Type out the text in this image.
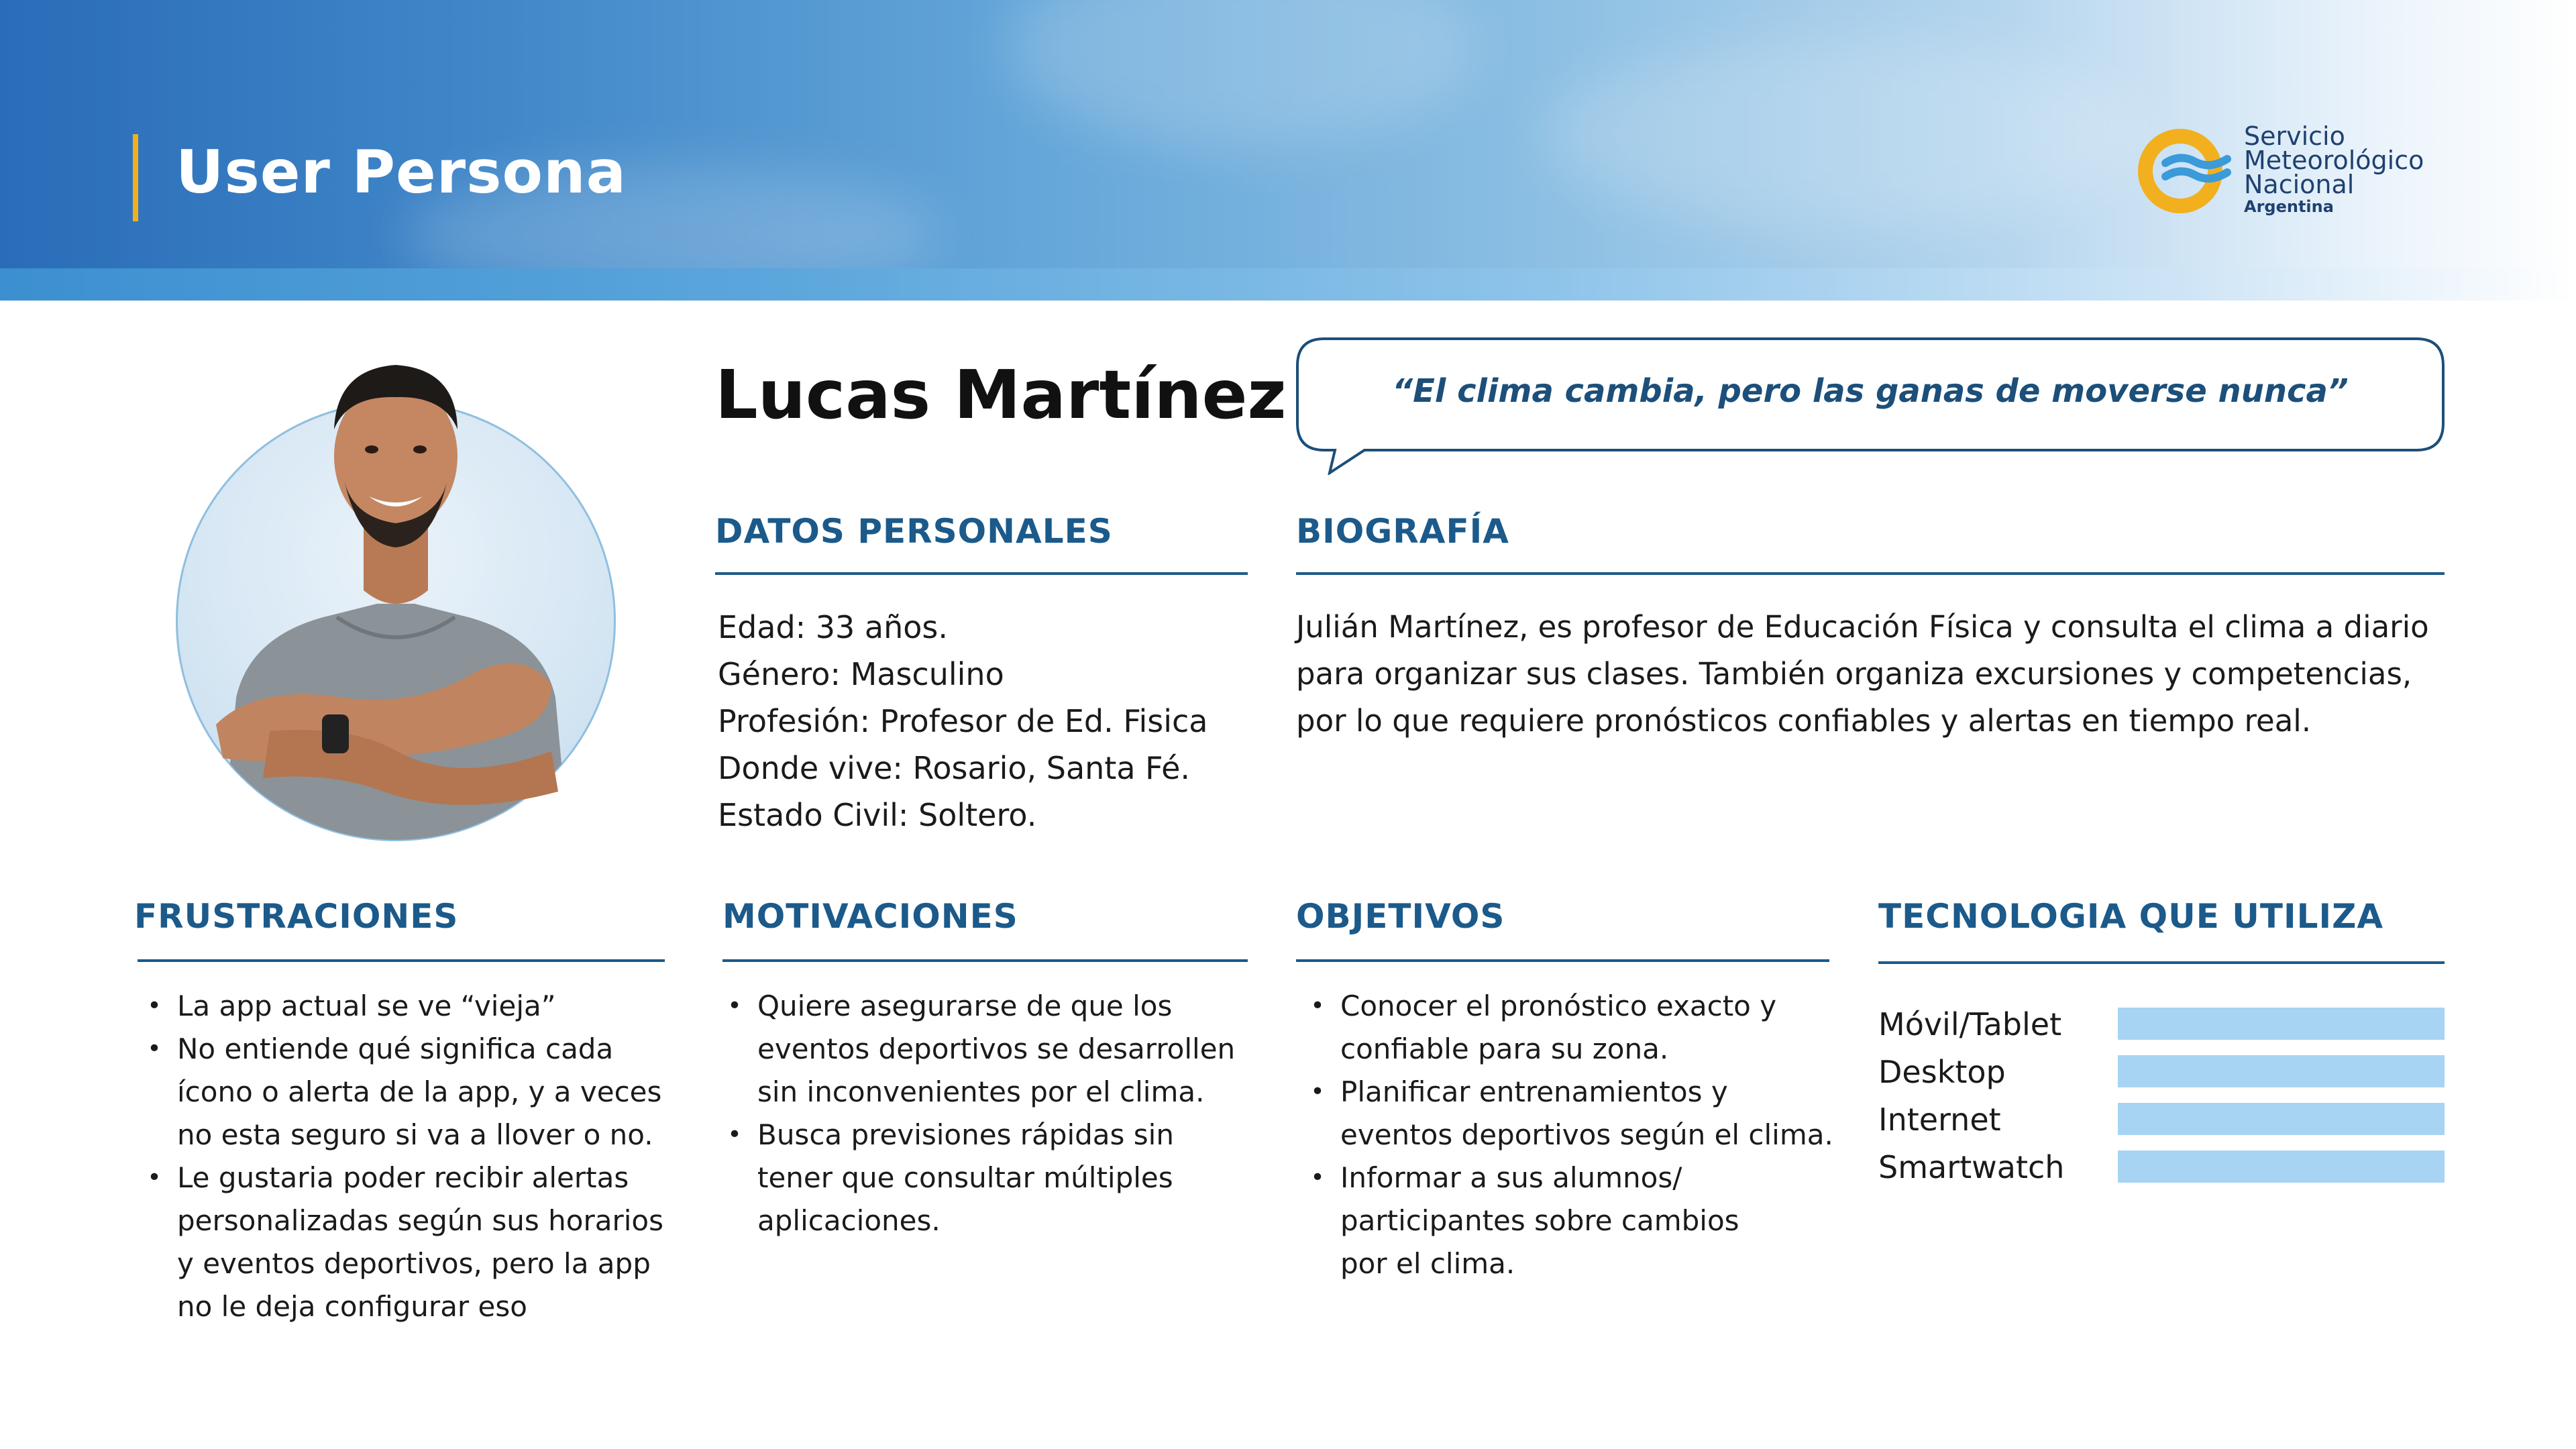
User Persona
Servicio
Meteorológico
Nacional
Argentina
Lucas Martínez	“El clima cambia, pero las ganas de moverse nunca”
DATOS PERSONALES
Edad: 33 años.
Género: Masculino
Profesión: Profesor de Ed. Fisica
Donde vive: Rosario, Santa Fé.
Estado Civil: Soltero.
BIOGRAFÍA
Julián Martínez, es profesor de Educación Física y consulta el clima a diario
para organizar sus clases. También organiza excursiones y competencias,
por lo que requiere pronósticos confiables y alertas en tiempo real.
FRUSTRACIONES
• La app actual se ve “vieja”
• No entiende qué significa cada
ícono o alerta de la app, y a veces
no esta seguro si va a llover o no.
• Le gustaria poder recibir alertas
personalizadas según sus horarios
y eventos deportivos, pero la app
no le deja configurar eso
MOTIVACIONES
• Quiere asegurarse de que los
eventos deportivos se desarrollen
sin inconvenientes por el clima.
• Busca previsiones rápidas sin
tener que consultar múltiples
aplicaciones.
OBJETIVOS
• Conocer el pronóstico exacto y
confiable para su zona.
• Planificar entrenamientos y
eventos deportivos según el clima.
• Informar a sus alumnos/
participantes sobre cambios
por el clima.
TECNOLOGIA QUE UTILIZA
Móvil/Tablet
Desktop
Internet
Smartwatch
